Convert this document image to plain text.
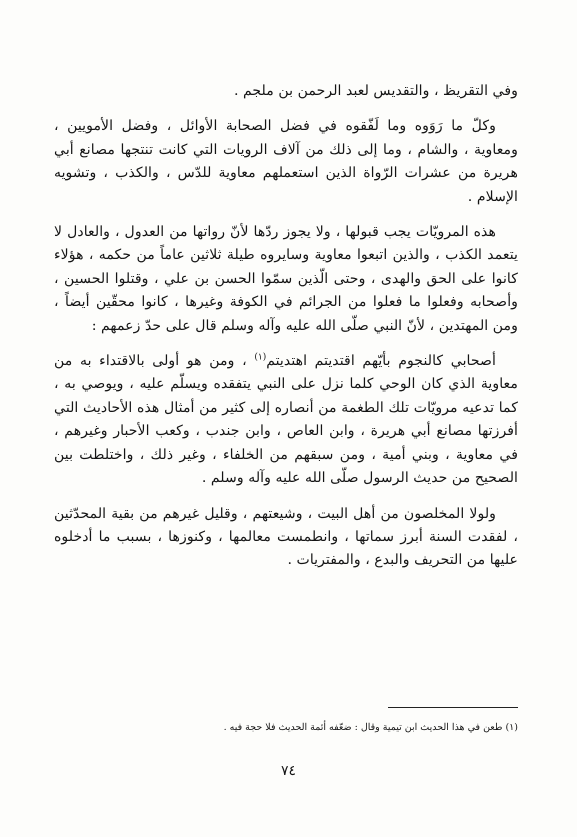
وفي التقريظ ، والتقديس لعبد الرحمن بن ملجم .

وكلّ ما رَوَوه وما لَفّقوه في فضل الصحابة الأوائل ، وفضل الأمويين ، ومعاوية ، والشام ، وما إلى ذلك من آلاف الرويات التي كانت تنتجها مصانع أبي هريرة من عشرات الرّواة الذين استعملهم معاوية للدّس ، والكذب ، وتشويه الإسلام .

هذه المرويّات يجب قبولها ، ولا يجوز ردّها لأنّ رواتها من العدول ، والعادل لا يتعمد الكذب ، والذين اتبعوا معاوية وسايروه طيلة ثلاثين عاماً من حكمه ، هؤلاء كانوا على الحق والهدى ، وحتى الّذين سمّوا الحسن بن علي ، وقتلوا الحسين ، وأصحابه وفعلوا ما فعلوا من الجرائم في الكوفة وغيرها ، كانوا محقّين أيضاً ، ومن المهتدين ، لأنّ النبي صلّى الله عليه وآله وسلم قال على حدّ زعمهم :

أصحابي كالنجوم بأيّهم اقتديتم اهتديتم$^{(١)}$ ، ومن هو أولى بالاقتداء به من معاوية الذي كان الوحي كلما نزل على النبي يتفقده ويسلّم عليه ، ويوصي به ، كما تدعيه مرويّات تلك الطغمة من أنصاره إلى كثير من أمثال هذه الأحاديث التي أفرزتها مصانع أبي هريرة ، وابن العاص ، وابن جندب ، وكعب الأحبار وغيرهم ، في معاوية ، وبني أمية ، ومن سبقهم من الخلفاء ، وغير ذلك ، واختلطت بين الصحيح من حديث الرسول صلّى الله عليه وآله وسلم .

ولولا المخلصون من أهل البيت ، وشيعتهم ، وقليل غيرهم من بقية المحدّثين ، لفقدت السنة أبرز سماتها ، وانطمست معالمها ، وكنوزها ، بسبب ما أدخلوه عليها من التحريف والبدع ، والمفتريات .

(١) طعن في هذا الحديث ابن تيمية وقال : ضعّفه أئمة الحديث فلا حجة فيه .
٧٤
